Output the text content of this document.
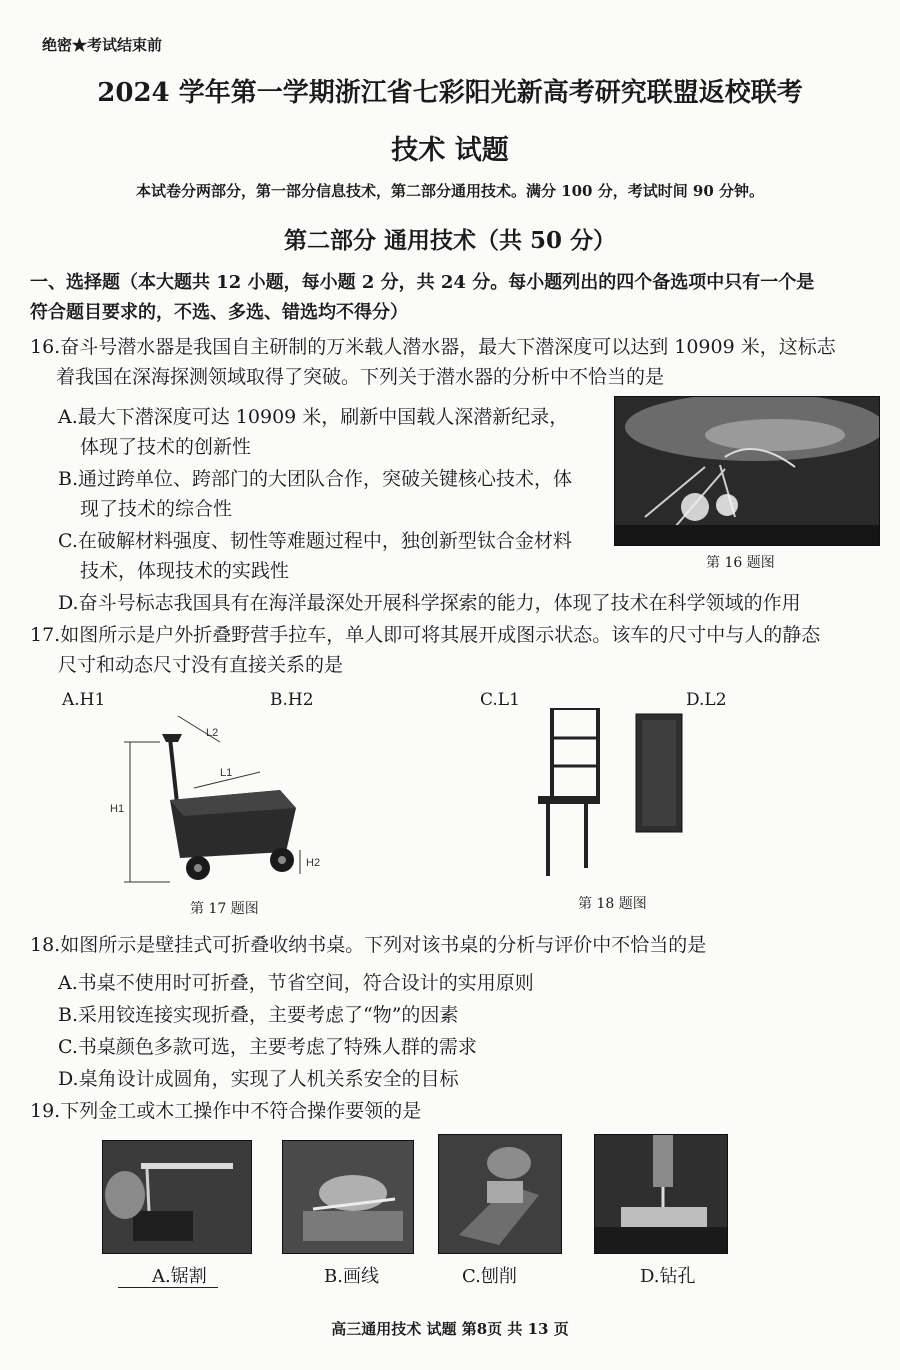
绝密★考试结束前
2024 学年第一学期浙江省七彩阳光新高考研究联盟返校联考
技术 试题
本试卷分两部分，第一部分信息技术，第二部分通用技术。满分 100 分，考试时间 90 分钟。
第二部分 通用技术（共 50 分）
一、选择题（本大题共 12 小题，每小题 2 分，共 24 分。每小题列出的四个备选项中只有一个是
符合题目要求的，不选、多选、错选均不得分）
16.奋斗号潜水器是我国自主研制的万米载人潜水器，最大下潜深度可以达到 10909 米，这标志
着我国在深海探测领域取得了突破。下列关于潜水器的分析中不恰当的是
A.最大下潜深度可达 10909 米，刷新中国载人深潜新纪录，
体现了技术的创新性
B.通过跨单位、跨部门的大团队合作，突破关键核心技术，体
现了技术的综合性
C.在破解材料强度、韧性等难题过程中，独创新型钛合金材料
技术，体现技术的实践性
D.奋斗号标志我国具有在海洋最深处开展科学探索的能力，体现了技术在科学领域的作用
第 16 题图
17.如图所示是户外折叠野营手拉车，单人即可将其展开成图示状态。该车的尺寸中与人的静态
尺寸和动态尺寸没有直接关系的是
A.H1	B.H2	C.L1	D.L2
H1
L2
L1
H2
第 17 题图	第 18 题图
18.如图所示是壁挂式可折叠收纳书桌。下列对该书桌的分析与评价中不恰当的是
A.书桌不使用时可折叠，节省空间，符合设计的实用原则
B.采用铰连接实现折叠，主要考虑了“物”的因素
C.书桌颜色多款可选，主要考虑了特殊人群的需求
D.桌角设计成圆角，实现了人机关系安全的目标
19.下列金工或木工操作中不符合操作要领的是
A.锯割	B.画线	C.刨削	D.钻孔
高三通用技术 试题 第8页 共 13 页
